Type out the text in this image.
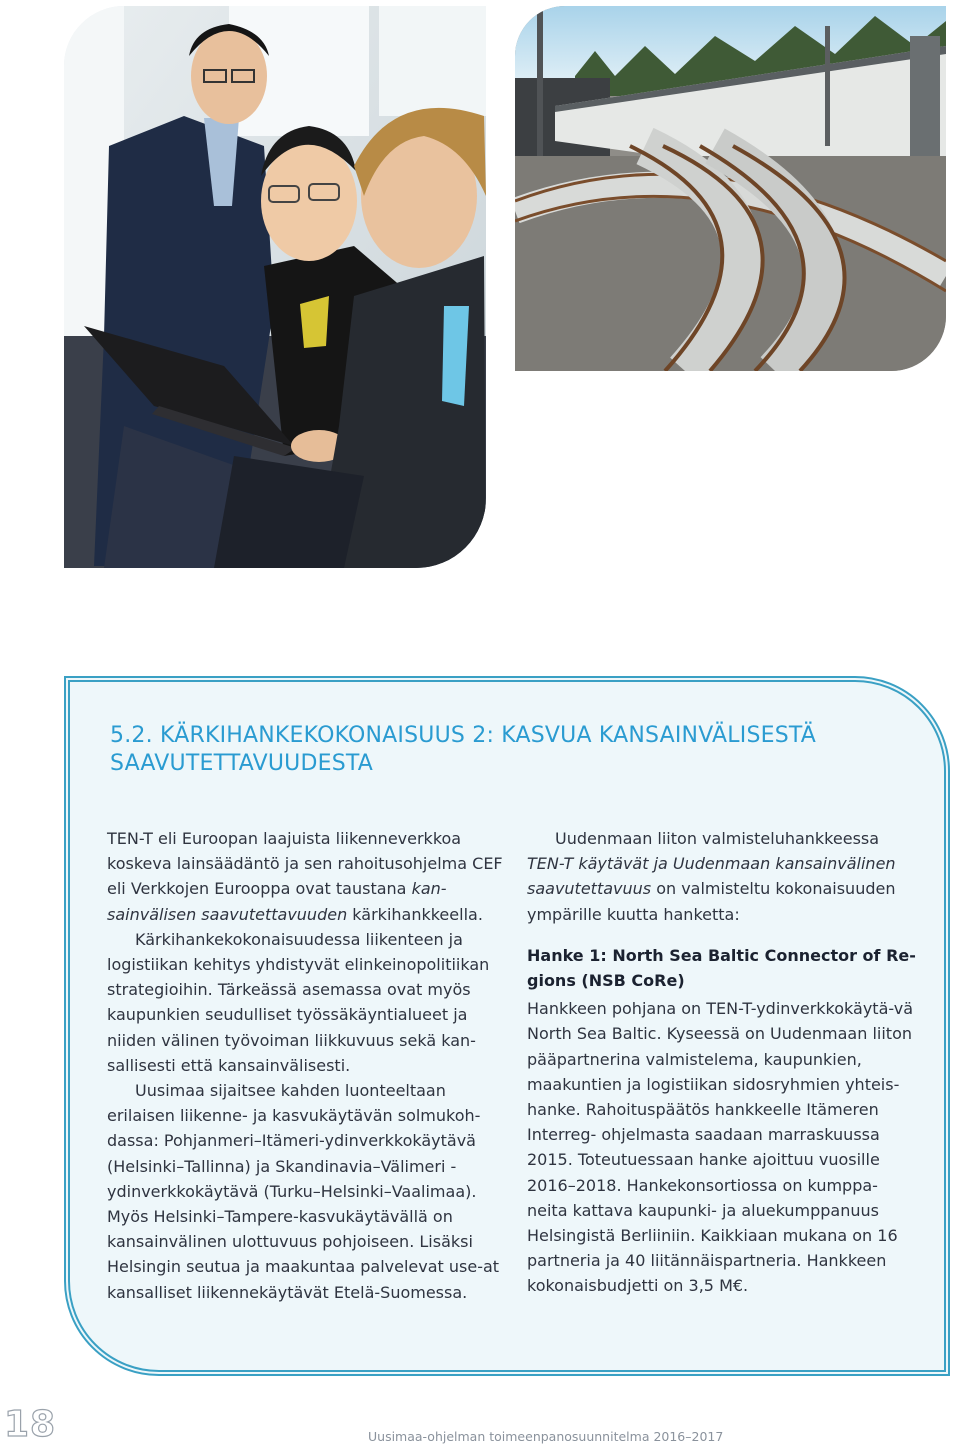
5.2. KÄRKIHANKEKOKONAISUUS 2: KASVUA KANSAINVÄLISESTÄ
SAAVUTETTAVUUDESTA

TEN-T eli Euroopan laajuista liikenneverkkoa koskeva lainsäädäntö ja sen rahoitusohjelma CEF eli Verkkojen Eurooppa ovat taustana kan-sainvälisen saavutettavuuden kärkihankkeella.

Kärkihankekokonaisuudessa liikenteen ja logistiikan kehitys yhdistyvät elinkeinopolitiikan strategioihin. Tärkeässä asemassa ovat myös kaupunkien seudulliset työssäkäyntialueet ja niiden välinen työvoiman liikkuvuus sekä kan-sallisesti että kansainvälisesti.

Uusimaa sijaitsee kahden luonteeltaan erilaisen liikenne- ja kasvukäytävän solmukoh-dassa: Pohjanmeri–Itämeri-ydinverkkokäytävä (Helsinki–Tallinna) ja Skandinavia–Välimeri -ydinverkkokäytävä (Turku–Helsinki–Vaalimaa). Myös Helsinki–Tampere-kasvukäytävällä on kansainvälinen ulottuvuus pohjoiseen. Lisäksi Helsingin seutua ja maakuntaa palvelevat use-at kansalliset liikennekäytävät Etelä-Suomessa.

Uudenmaan liiton valmisteluhankkeessa TEN-T käytävät ja Uudenmaan kansainvälinen saavutettavuus on valmisteltu kokonaisuuden ympärille kuutta hanketta:

Hanke 1: North Sea Baltic Connector of Re-gions (NSB CoRe)

Hankkeen pohjana on TEN-T-ydinverkkokäytä-vä North Sea Baltic. Kyseessä on Uudenmaan liiton pääpartnerina valmistelema, kaupunkien, maakuntien ja logistiikan sidosryhmien yhteis-hanke. Rahoituspäätös hankkeelle Itämeren Interreg- ohjelmasta saadaan marraskuussa 2015. Toteutuessaan hanke ajoittuu vuosille 2016–2018. Hankekonsortiossa on kumppa-neita kattava kaupunki- ja aluekumppanuus Helsingistä Berliiniin. Kaikkiaan mukana on 16 partneria ja 40 liitännäispartneria. Hankkeen kokonaisbudjetti on 3,5 M€.

18	Uusimaa-ohjelman toimeenpanosuunnitelma 2016–2017
